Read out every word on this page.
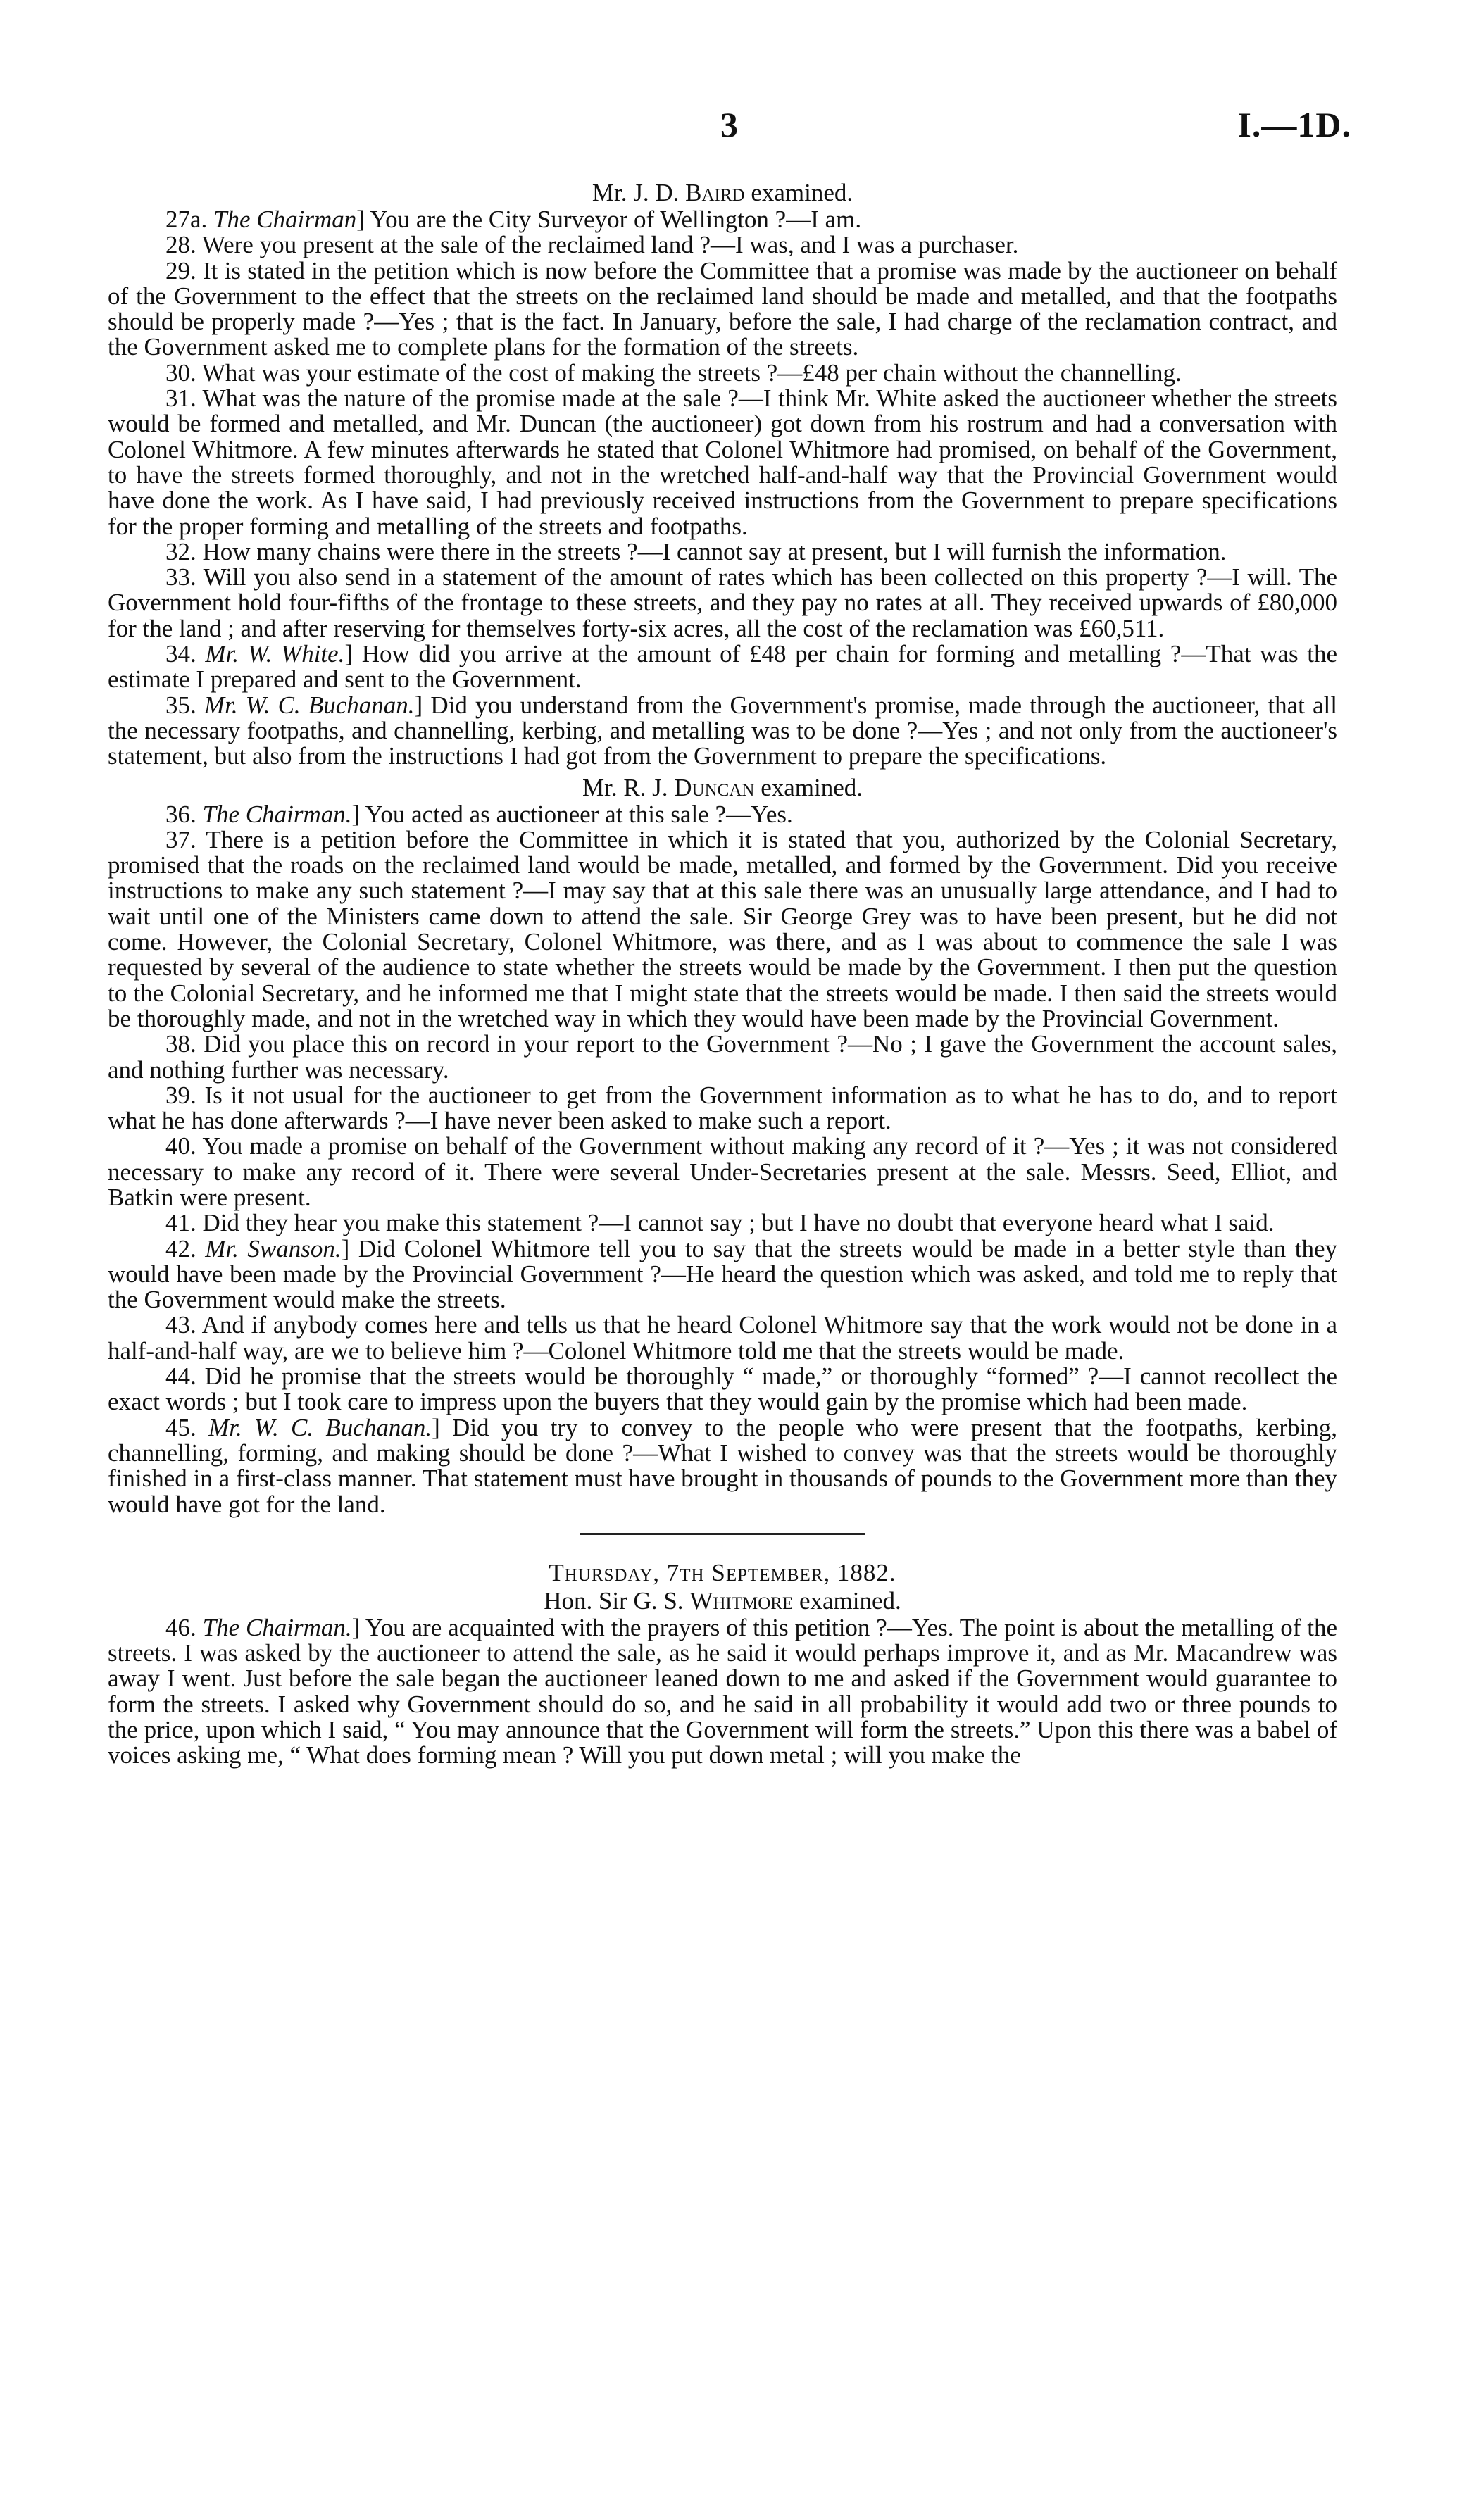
3	I.—1D.

Mr. J. D. Baird examined.

27a. The Chairman] You are the City Surveyor of Wellington ?—I am.

28. Were you present at the sale of the reclaimed land ?—I was, and I was a purchaser.

29. It is stated in the petition which is now before the Committee that a promise was made by the auctioneer on behalf of the Government to the effect that the streets on the reclaimed land should be made and metalled, and that the footpaths should be properly made ?—Yes ; that is the fact. In January, before the sale, I had charge of the reclamation contract, and the Government asked me to complete plans for the formation of the streets.

30. What was your estimate of the cost of making the streets ?—£48 per chain without the channelling.

31. What was the nature of the promise made at the sale ?—I think Mr. White asked the auctioneer whether the streets would be formed and metalled, and Mr. Duncan (the auctioneer) got down from his rostrum and had a conversation with Colonel Whitmore. A few minutes afterwards he stated that Colonel Whitmore had promised, on behalf of the Government, to have the streets formed thoroughly, and not in the wretched half-and-half way that the Provincial Government would have done the work. As I have said, I had previously received instructions from the Government to prepare specifications for the proper forming and metalling of the streets and footpaths.

32. How many chains were there in the streets ?—I cannot say at present, but I will furnish the information.

33. Will you also send in a statement of the amount of rates which has been collected on this property ?—I will. The Government hold four-fifths of the frontage to these streets, and they pay no rates at all. They received upwards of £80,000 for the land ; and after reserving for themselves forty-six acres, all the cost of the reclamation was £60,511.

34. Mr. W. White.] How did you arrive at the amount of £48 per chain for forming and metalling ?—That was the estimate I prepared and sent to the Government.

35. Mr. W. C. Buchanan.] Did you understand from the Government's promise, made through the auctioneer, that all the necessary footpaths, and channelling, kerbing, and metalling was to be done ?—Yes ; and not only from the auctioneer's statement, but also from the instructions I had got from the Government to prepare the specifications.

Mr. R. J. Duncan examined.

36. The Chairman.] You acted as auctioneer at this sale ?—Yes.

37. There is a petition before the Committee in which it is stated that you, authorized by the Colonial Secretary, promised that the roads on the reclaimed land would be made, metalled, and formed by the Government. Did you receive instructions to make any such statement ?—I may say that at this sale there was an unusually large attendance, and I had to wait until one of the Ministers came down to attend the sale. Sir George Grey was to have been present, but he did not come. However, the Colonial Secretary, Colonel Whitmore, was there, and as I was about to commence the sale I was requested by several of the audience to state whether the streets would be made by the Government. I then put the question to the Colonial Secretary, and he informed me that I might state that the streets would be made. I then said the streets would be thoroughly made, and not in the wretched way in which they would have been made by the Provincial Government.

38. Did you place this on record in your report to the Government ?—No ; I gave the Government the account sales, and nothing further was necessary.

39. Is it not usual for the auctioneer to get from the Government information as to what he has to do, and to report what he has done afterwards ?—I have never been asked to make such a report.

40. You made a promise on behalf of the Government without making any record of it ?—Yes ; it was not considered necessary to make any record of it. There were several Under-Secretaries present at the sale. Messrs. Seed, Elliot, and Batkin were present.

41. Did they hear you make this statement ?—I cannot say ; but I have no doubt that everyone heard what I said.

42. Mr. Swanson.] Did Colonel Whitmore tell you to say that the streets would be made in a better style than they would have been made by the Provincial Government ?—He heard the question which was asked, and told me to reply that the Government would make the streets.

43. And if anybody comes here and tells us that he heard Colonel Whitmore say that the work would not be done in a half-and-half way, are we to believe him ?—Colonel Whitmore told me that the streets would be made.

44. Did he promise that the streets would be thoroughly “ made,” or thoroughly “formed” ?—I cannot recollect the exact words ; but I took care to impress upon the buyers that they would gain by the promise which had been made.

45. Mr. W. C. Buchanan.] Did you try to convey to the people who were present that the footpaths, kerbing, channelling, forming, and making should be done ?—What I wished to convey was that the streets would be thoroughly finished in a first-class manner. That statement must have brought in thousands of pounds to the Government more than they would have got for the land.

Thursday, 7th September, 1882.

Hon. Sir G. S. Whitmore examined.

46. The Chairman.] You are acquainted with the prayers of this petition ?—Yes. The point is about the metalling of the streets. I was asked by the auctioneer to attend the sale, as he said it would perhaps improve it, and as Mr. Macandrew was away I went. Just before the sale began the auctioneer leaned down to me and asked if the Government would guarantee to form the streets. I asked why Government should do so, and he said in all probability it would add two or three pounds to the price, upon which I said, “ You may announce that the Government will form the streets.” Upon this there was a babel of voices asking me, “ What does forming mean ? Will you put down metal ; will you make the
